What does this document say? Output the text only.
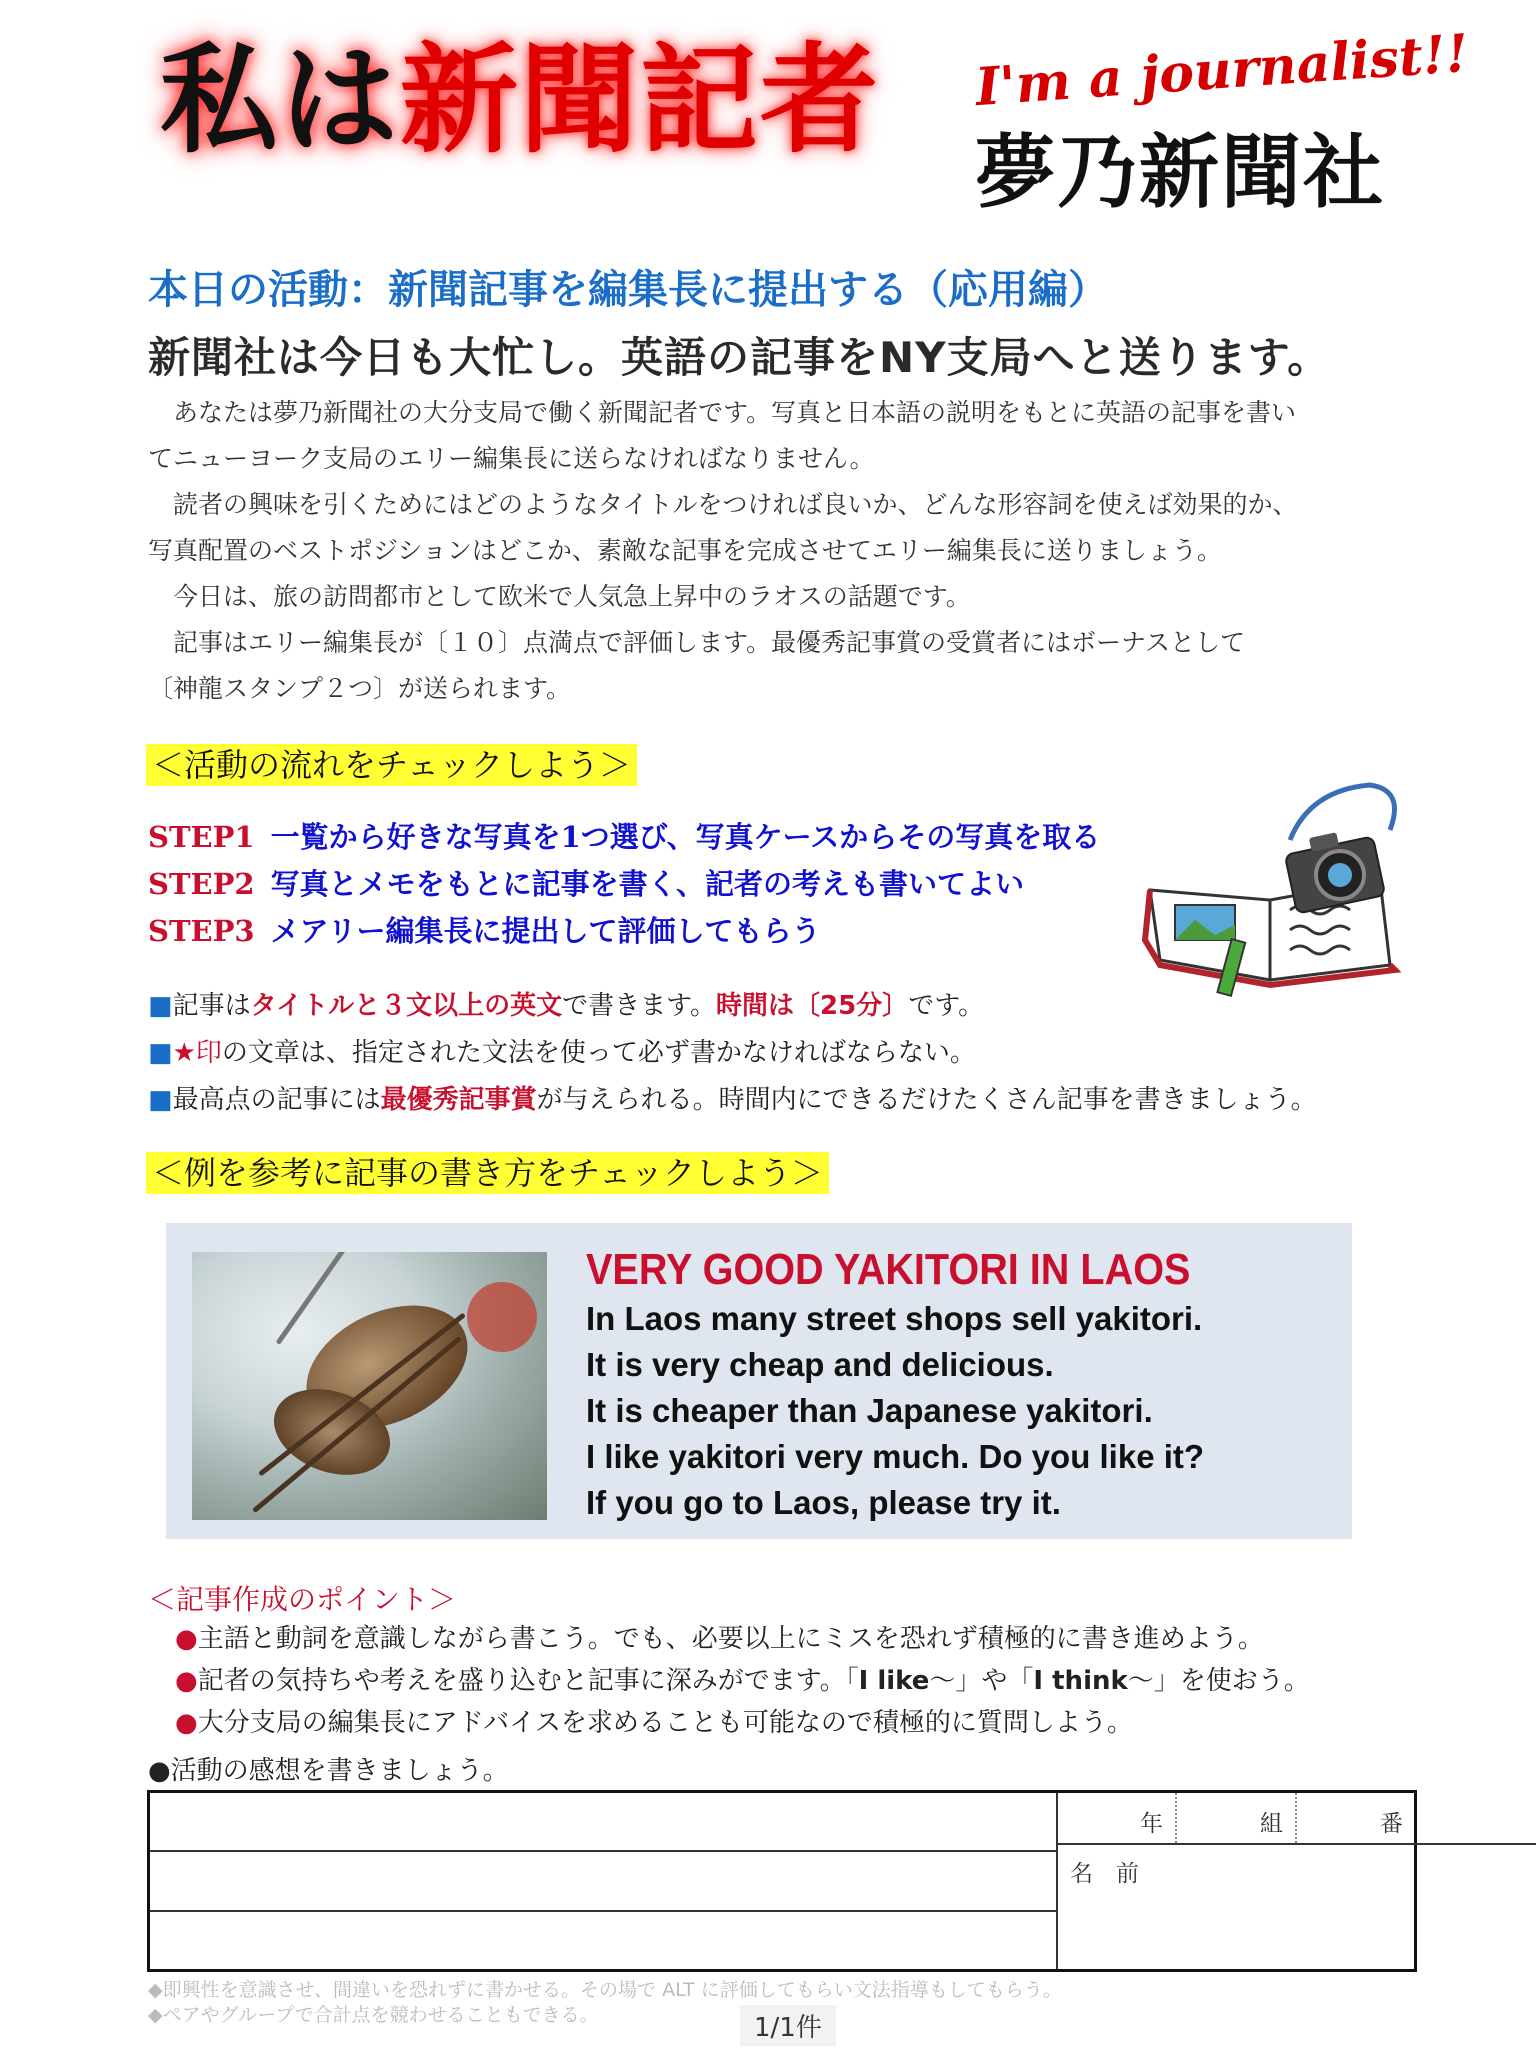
私は新聞記者 I'm a journalist!!
夢乃新聞社
本日の活動：新聞記事を編集長に提出する（応用編）
新聞社は今日も大忙し。英語の記事をNY支局へと送ります。
　あなたは夢乃新聞社の大分支局で働く新聞記者です。写真と日本語の説明をもとに英語の記事を書い
てニューヨーク支局のエリー編集長に送らなければなりません。
　読者の興味を引くためにはどのようなタイトルをつければ良いか、どんな形容詞を使えば効果的か、
写真配置のベストポジションはどこか、素敵な記事を完成させてエリー編集長に送りましょう。
　今日は、旅の訪問都市として欧米で人気急上昇中のラオスの話題です。
　記事はエリー編集長が〔１０〕点満点で評価します。最優秀記事賞の受賞者にはボーナスとして
〔神龍スタンプ２つ〕が送られます。
＜活動の流れをチェックしよう＞
STEP1 一覧から好きな写真を1つ選び、写真ケースからその写真を取る
STEP2 写真とメモをもとに記事を書く、記者の考えも書いてよい
STEP3 メアリー編集長に提出して評価してもらう
■記事はタイトルと３文以上の英文で書きます。時間は〔25分〕です。
■★印の文章は、指定された文法を使って必ず書かなければならない。
■最高点の記事には最優秀記事賞が与えられる。時間内にできるだけたくさん記事を書きましょう。
＜例を参考に記事の書き方をチェックしよう＞
VERY GOOD YAKITORI IN LAOS
In Laos many street shops sell yakitori.
It is very cheap and delicious.
It is cheaper than Japanese yakitori.
I like yakitori very much. Do you like it?
If you go to Laos, please try it.
＜記事作成のポイント＞
●主語と動詞を意識しながら書こう。でも、必要以上にミスを恐れず積極的に書き進めよう。
●記者の気持ちや考えを盛り込むと記事に深みがでます。「I like～」や「I think～」を使おう。
●大分支局の編集長にアドバイスを求めることも可能なので積極的に質問しよう。
●活動の感想を書きましょう。
年	組	番
名　前
◆即興性を意識させ、間違いを恐れずに書かせる。その場で ALT に評価してもらい文法指導もしてもらう。
◆ペアやグループで合計点を競わせることもできる。	1/1件
